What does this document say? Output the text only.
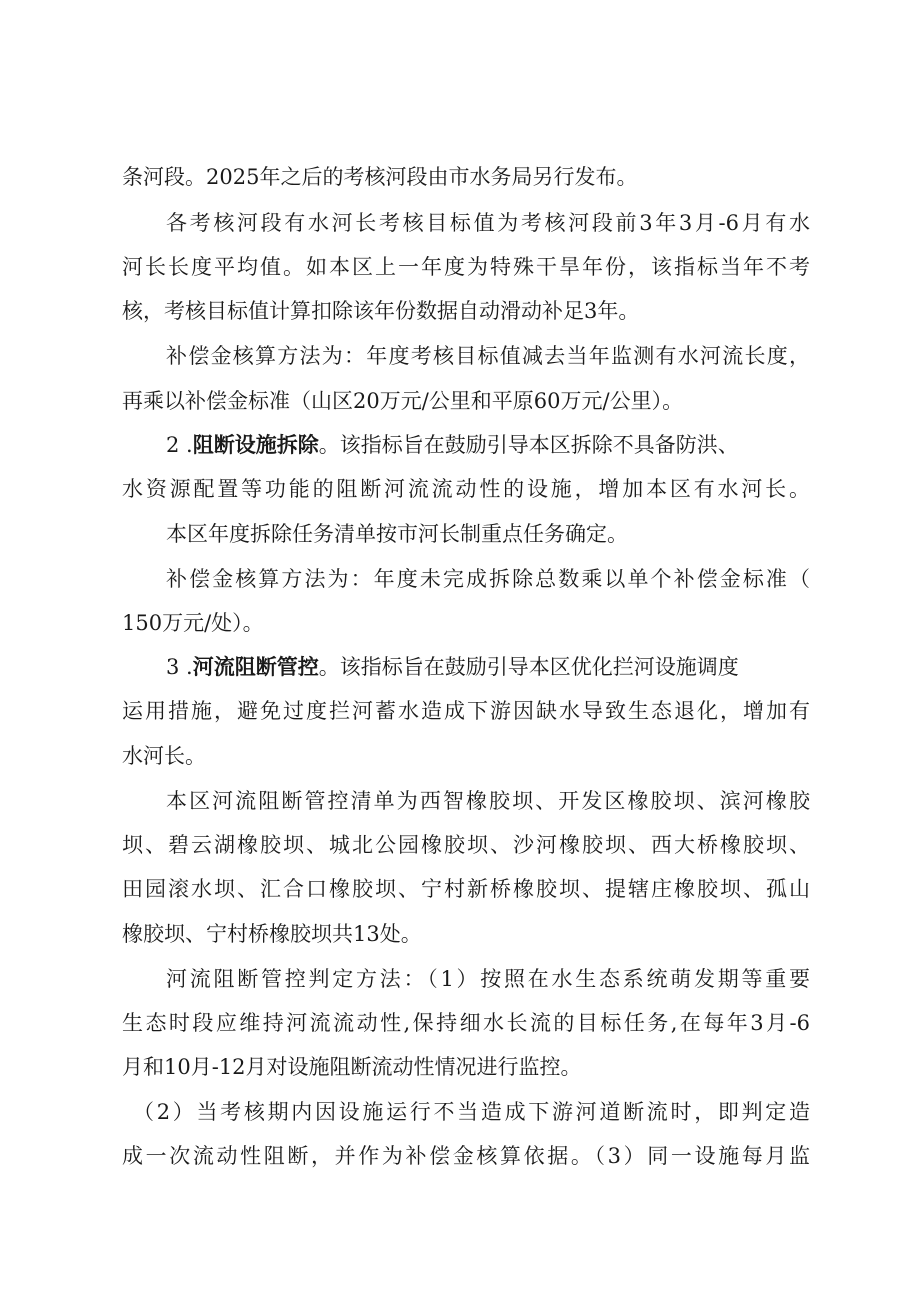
条河段。2025年之后的考核河段由市水务局另行发布。
各考核河段有水河长考核目标值为考核河段前3年3月-6月有水
河长长度平均值。如本区上一年度为特殊干旱年份，该指标当年不考
核，考核目标值计算扣除该年份数据自动滑动补足3年。
补偿金核算方法为：年度考核目标值减去当年监测有水河流长度，
再乘以补偿金标准（山区20万元/公里和平原60万元/公里）。
2 .阻断设施拆除。该指标旨在鼓励引导本区拆除不具备防洪、
水资源配置等功能的阻断河流流动性的设施，增加本区有水河长。
本区年度拆除任务清单按市河长制重点任务确定。
补偿金核算方法为：年度未完成拆除总数乘以单个补偿金标准（
150万元/处）。
3 .河流阻断管控。该指标旨在鼓励引导本区优化拦河设施调度
运用措施，避免过度拦河蓄水造成下游因缺水导致生态退化，增加有
水河长。
本区河流阻断管控清单为西智橡胶坝、开发区橡胶坝、滨河橡胶
坝、碧云湖橡胶坝、城北公园橡胶坝、沙河橡胶坝、西大桥橡胶坝、
田园滚水坝、汇合口橡胶坝、宁村新桥橡胶坝、提辖庄橡胶坝、孤山
橡胶坝、宁村桥橡胶坝共13处。
河流阻断管控判定方法：（1）按照在水生态系统萌发期等重要
生态时段应维持河流流动性,保持细水长流的目标任务,在每年3月-6
月和10月-12月对设施阻断流动性情况进行监控。
（2）当考核期内因设施运行不当造成下游河道断流时，即判定造
成一次流动性阻断，并作为补偿金核算依据。（3）同一设施每月监
